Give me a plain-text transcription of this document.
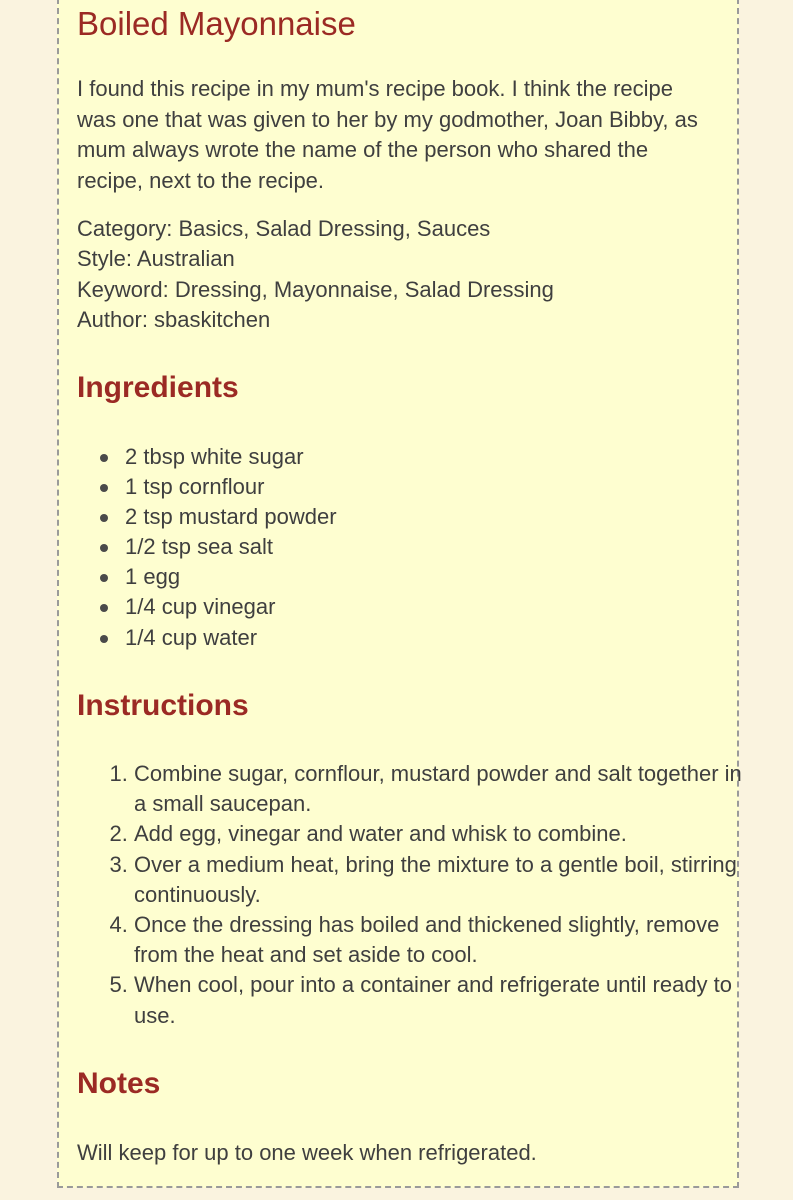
Boiled Mayonnaise

I found this recipe in my mum's recipe book. I think the recipe was one that was given to her by my godmother, Joan Bibby, as mum always wrote the name of the person who shared the recipe, next to the recipe.

Category: Basics, Salad Dressing, Sauces
Style: Australian
Keyword: Dressing, Mayonnaise, Salad Dressing
Author: sbaskitchen
Ingredients
2 tbsp white sugar
1 tsp cornflour
2 tsp mustard powder
1/2 tsp sea salt
1 egg
1/4 cup vinegar
1/4 cup water
Instructions
1. Combine sugar, cornflour, mustard powder and salt together in a small saucepan.
2. Add egg, vinegar and water and whisk to combine.
3. Over a medium heat, bring the mixture to a gentle boil, stirring continuously.
4. Once the dressing has boiled and thickened slightly, remove from the heat and set aside to cool.
5. When cool, pour into a container and refrigerate until ready to use.
Notes

Will keep for up to one week when refrigerated.
